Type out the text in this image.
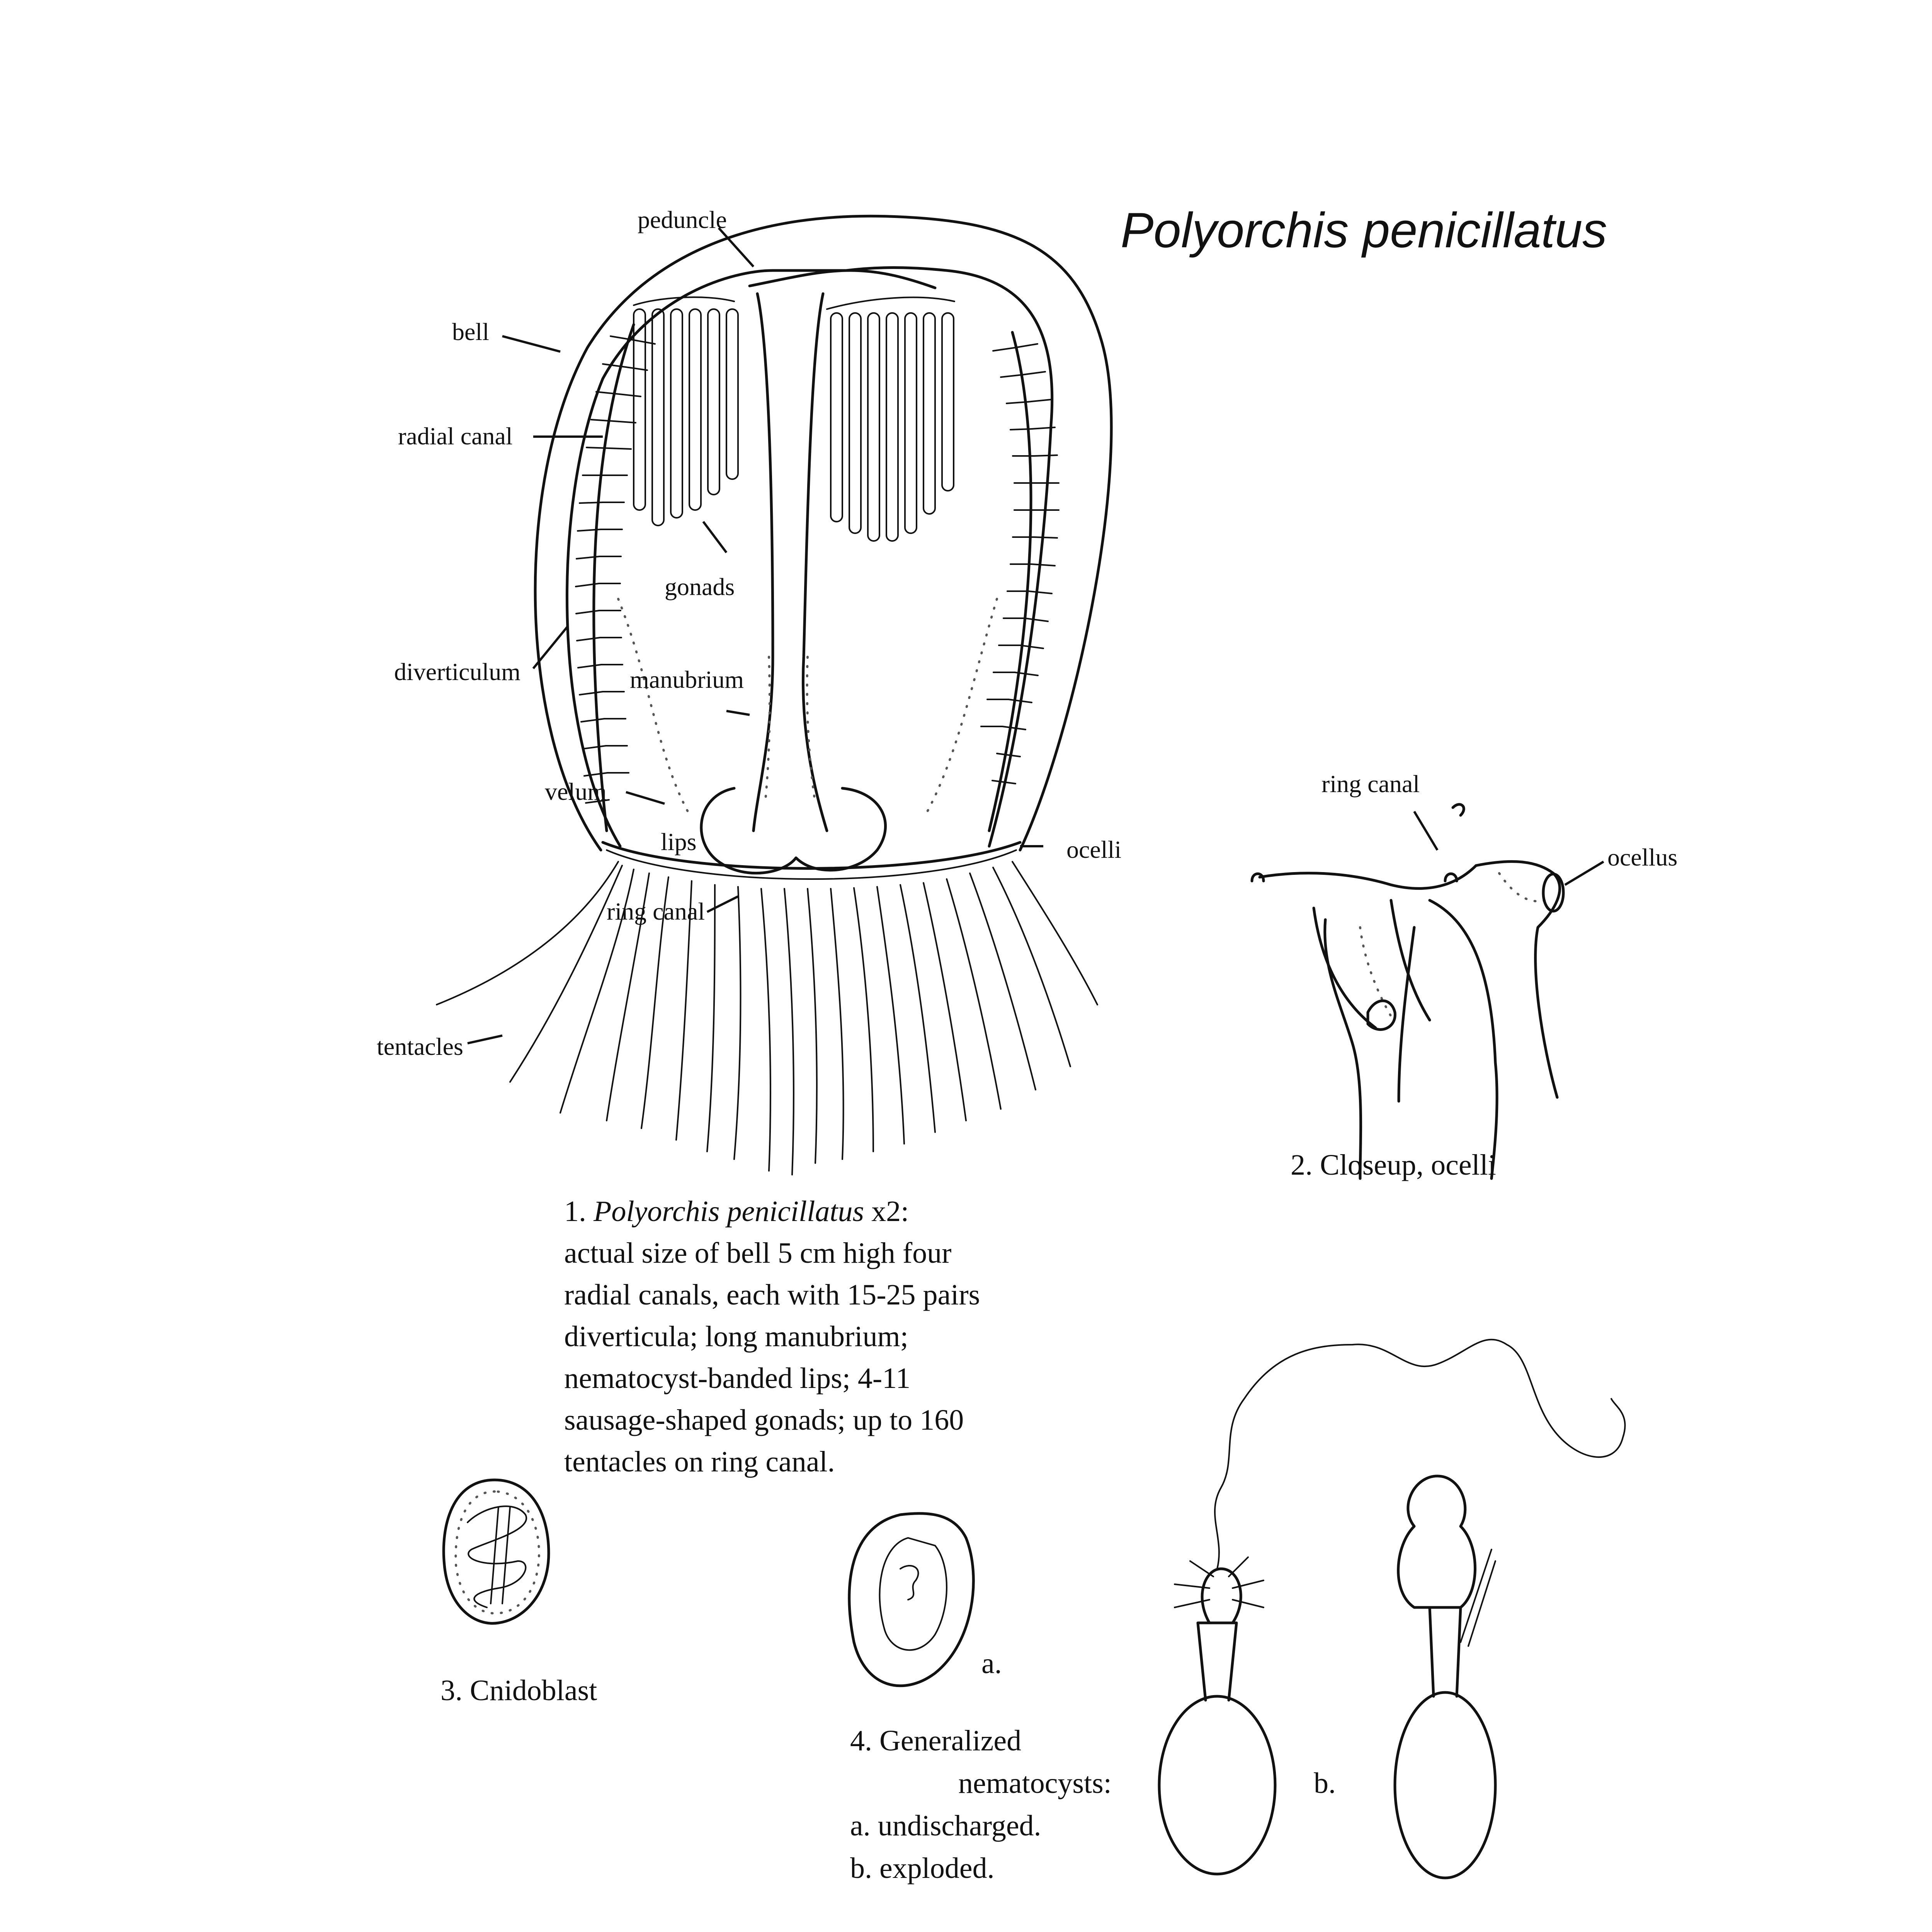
Polyorchis penicillatus
peduncle
bell
radial canal
gonads
diverticulum	manubrium
velum
lips	ocelli
ring canal
tentacles
1. Polyorchis penicillatus x2:
actual size of bell 5 cm high four
radial canals, each with 15-25 pairs
diverticula; long manubrium;
nematocyst-banded lips; 4-11
sausage-shaped gonads; up to 160
tentacles on ring canal.
ring canal
ocellus
2. Closeup, ocelli
3. Cnidoblast
a.
b.
4. Generalized
nematocysts:
a. undischarged.
b. exploded.
